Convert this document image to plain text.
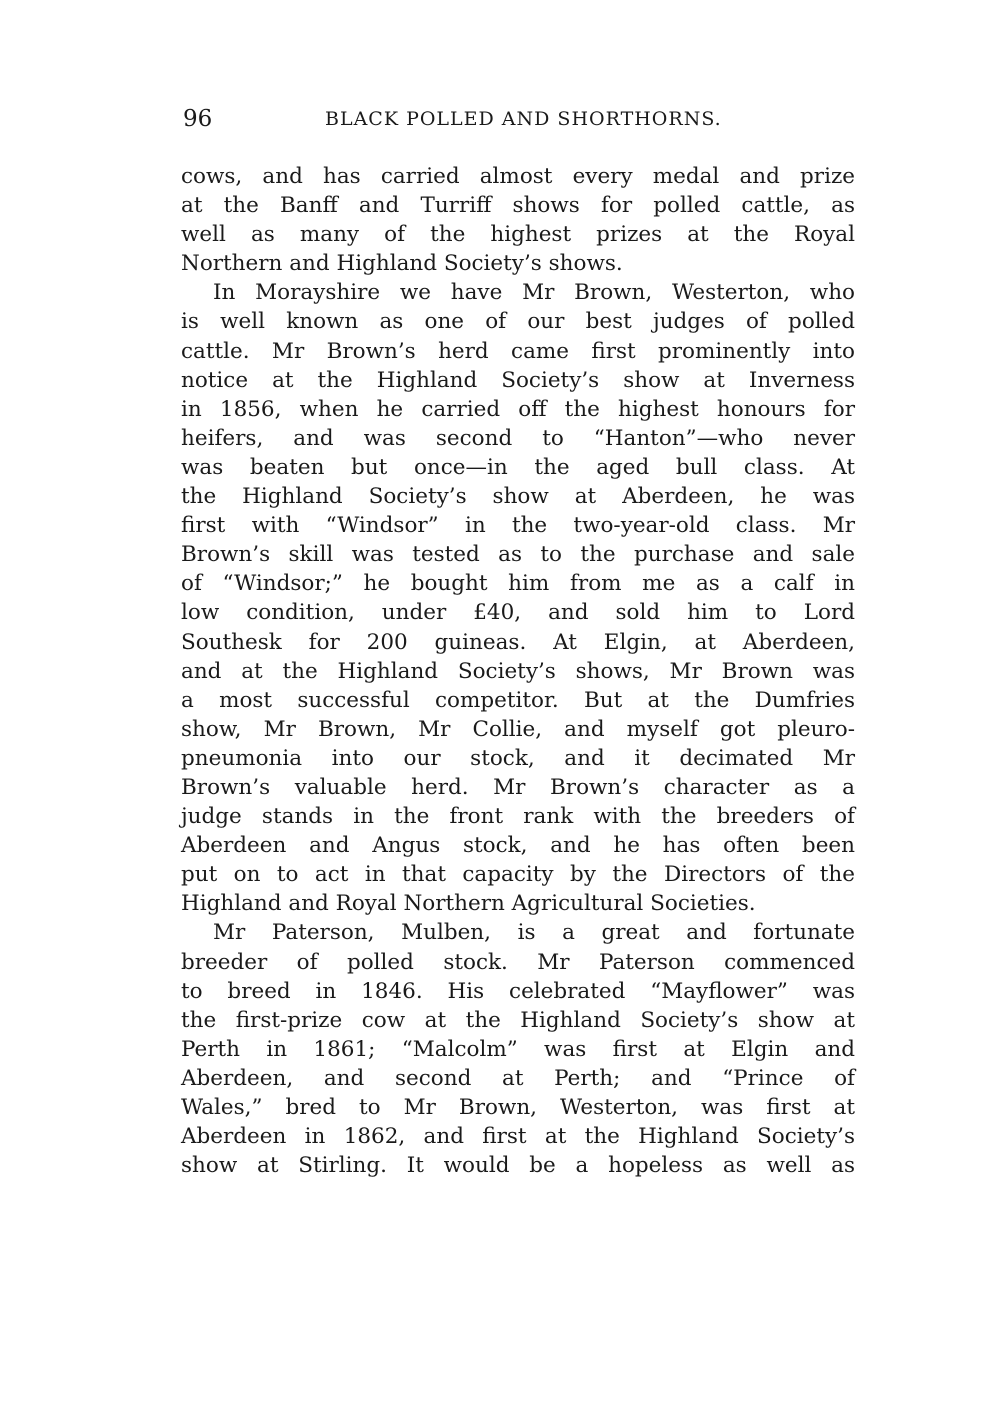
96	BLACK POLLED AND SHORTHORNS.
cows, and has carried almost every medal and prize
at the Banff and Turriff shows for polled cattle, as
well as many of the highest prizes at the Royal
Northern and Highland Society’s shows.
In Morayshire we have Mr Brown, Westerton, who
is well known as one of our best judges of polled
cattle. Mr Brown’s herd came first prominently into
notice at the Highland Society’s show at Inverness
in 1856, when he carried off the highest honours for
heifers, and was second to “Hanton”—who never
was beaten but once—in the aged bull class. At
the Highland Society’s show at Aberdeen, he was
first with “Windsor” in the two-year-old class. Mr
Brown’s skill was tested as to the purchase and sale
of “Windsor;” he bought him from me as a calf in
low condition, under £40, and sold him to Lord
Southesk for 200 guineas. At Elgin, at Aberdeen,
and at the Highland Society’s shows, Mr Brown was
a most successful competitor. But at the Dumfries
show, Mr Brown, Mr Collie, and myself got pleuro-
pneumonia into our stock, and it decimated Mr
Brown’s valuable herd. Mr Brown’s character as a
judge stands in the front rank with the breeders of
Aberdeen and Angus stock, and he has often been
put on to act in that capacity by the Directors of the
Highland and Royal Northern Agricultural Societies.
Mr Paterson, Mulben, is a great and fortunate
breeder of polled stock. Mr Paterson commenced
to breed in 1846. His celebrated “Mayflower” was
the first-prize cow at the Highland Society’s show at
Perth in 1861; “Malcolm” was first at Elgin and
Aberdeen, and second at Perth; and “Prince of
Wales,” bred to Mr Brown, Westerton, was first at
Aberdeen in 1862, and first at the Highland Society’s
show at Stirling. It would be a hopeless as well as
